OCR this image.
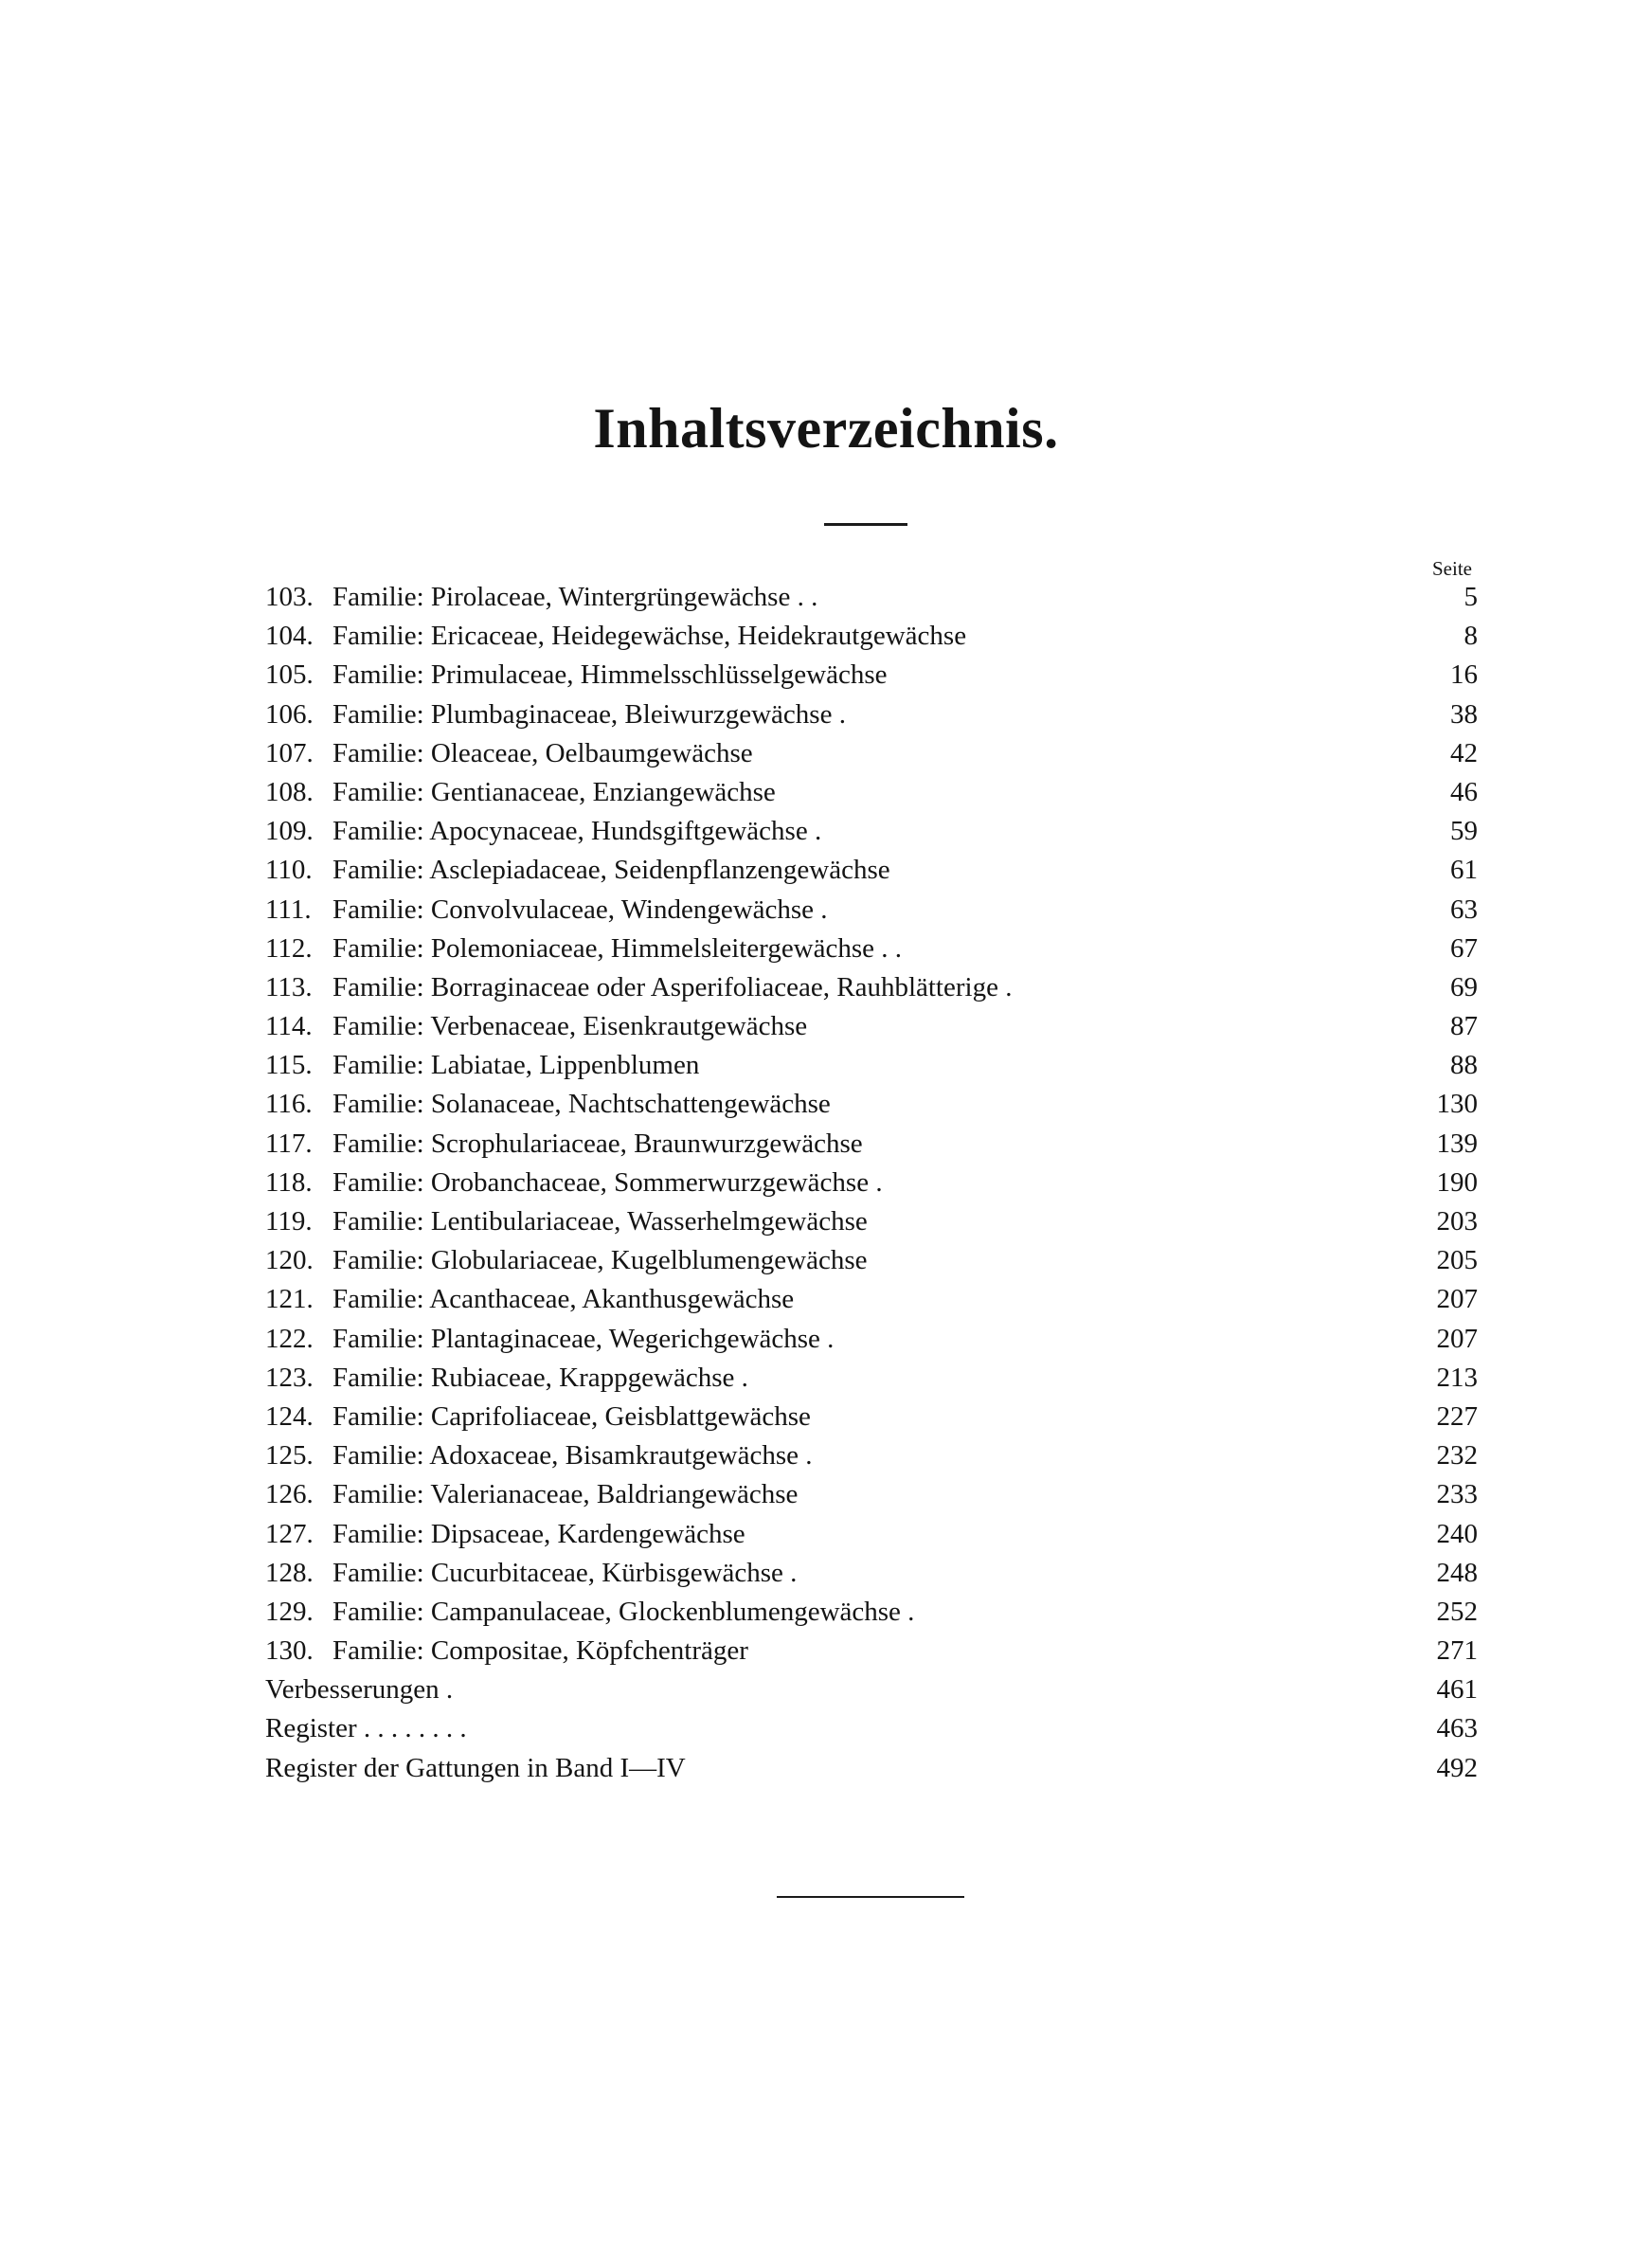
Inhaltsverzeichnis.
Seite
103. Familie: Pirolaceae, Wintergrüngewächse . .	5
104. Familie: Ericaceae, Heidegewächse, Heidekrautgewächse	8
105. Familie: Primulaceae, Himmelsschlüsselgewächse	16
106. Familie: Plumbaginaceae, Bleiwurzgewächse .	38
107. Familie: Oleaceae, Oelbaumgewächse	42
108. Familie: Gentianaceae, Enziangewächse	46
109. Familie: Apocynaceae, Hundsgiftgewächse .	59
110. Familie: Asclepiadaceae, Seidenpflanzengewächse	61
111. Familie: Convolvulaceae, Windengewächse .	63
112. Familie: Polemoniaceae, Himmelsleitergewächse . .	67
113. Familie: Borraginaceae oder Asperifoliaceae, Rauhblätterige .	69
114. Familie: Verbenaceae, Eisenkrautgewächse	87
115. Familie: Labiatae, Lippenblumen	88
116. Familie: Solanaceae, Nachtschattengewächse	130
117. Familie: Scrophulariaceae, Braunwurzgewächse	139
118. Familie: Orobanchaceae, Sommerwurzgewächse .	190
119. Familie: Lentibulariaceae, Wasserhelmgewächse	203
120. Familie: Globulariaceae, Kugelblumengewächse	205
121. Familie: Acanthaceae, Akanthusgewächse	207
122. Familie: Plantaginaceae, Wegerichgewächse .	207
123. Familie: Rubiaceae, Krappgewächse .	213
124. Familie: Caprifoliaceae, Geisblattgewächse	227
125. Familie: Adoxaceae, Bisamkrautgewächse .	232
126. Familie: Valerianaceae, Baldriangewächse	233
127. Familie: Dipsaceae, Kardengewächse	240
128. Familie: Cucurbitaceae, Kürbisgewächse .	248
129. Familie: Campanulaceae, Glockenblumengewächse .	252
130. Familie: Compositae, Köpfchenträger	271
Verbesserungen .	461
Register . . . . . . . .	463
Register der Gattungen in Band I—IV	492
